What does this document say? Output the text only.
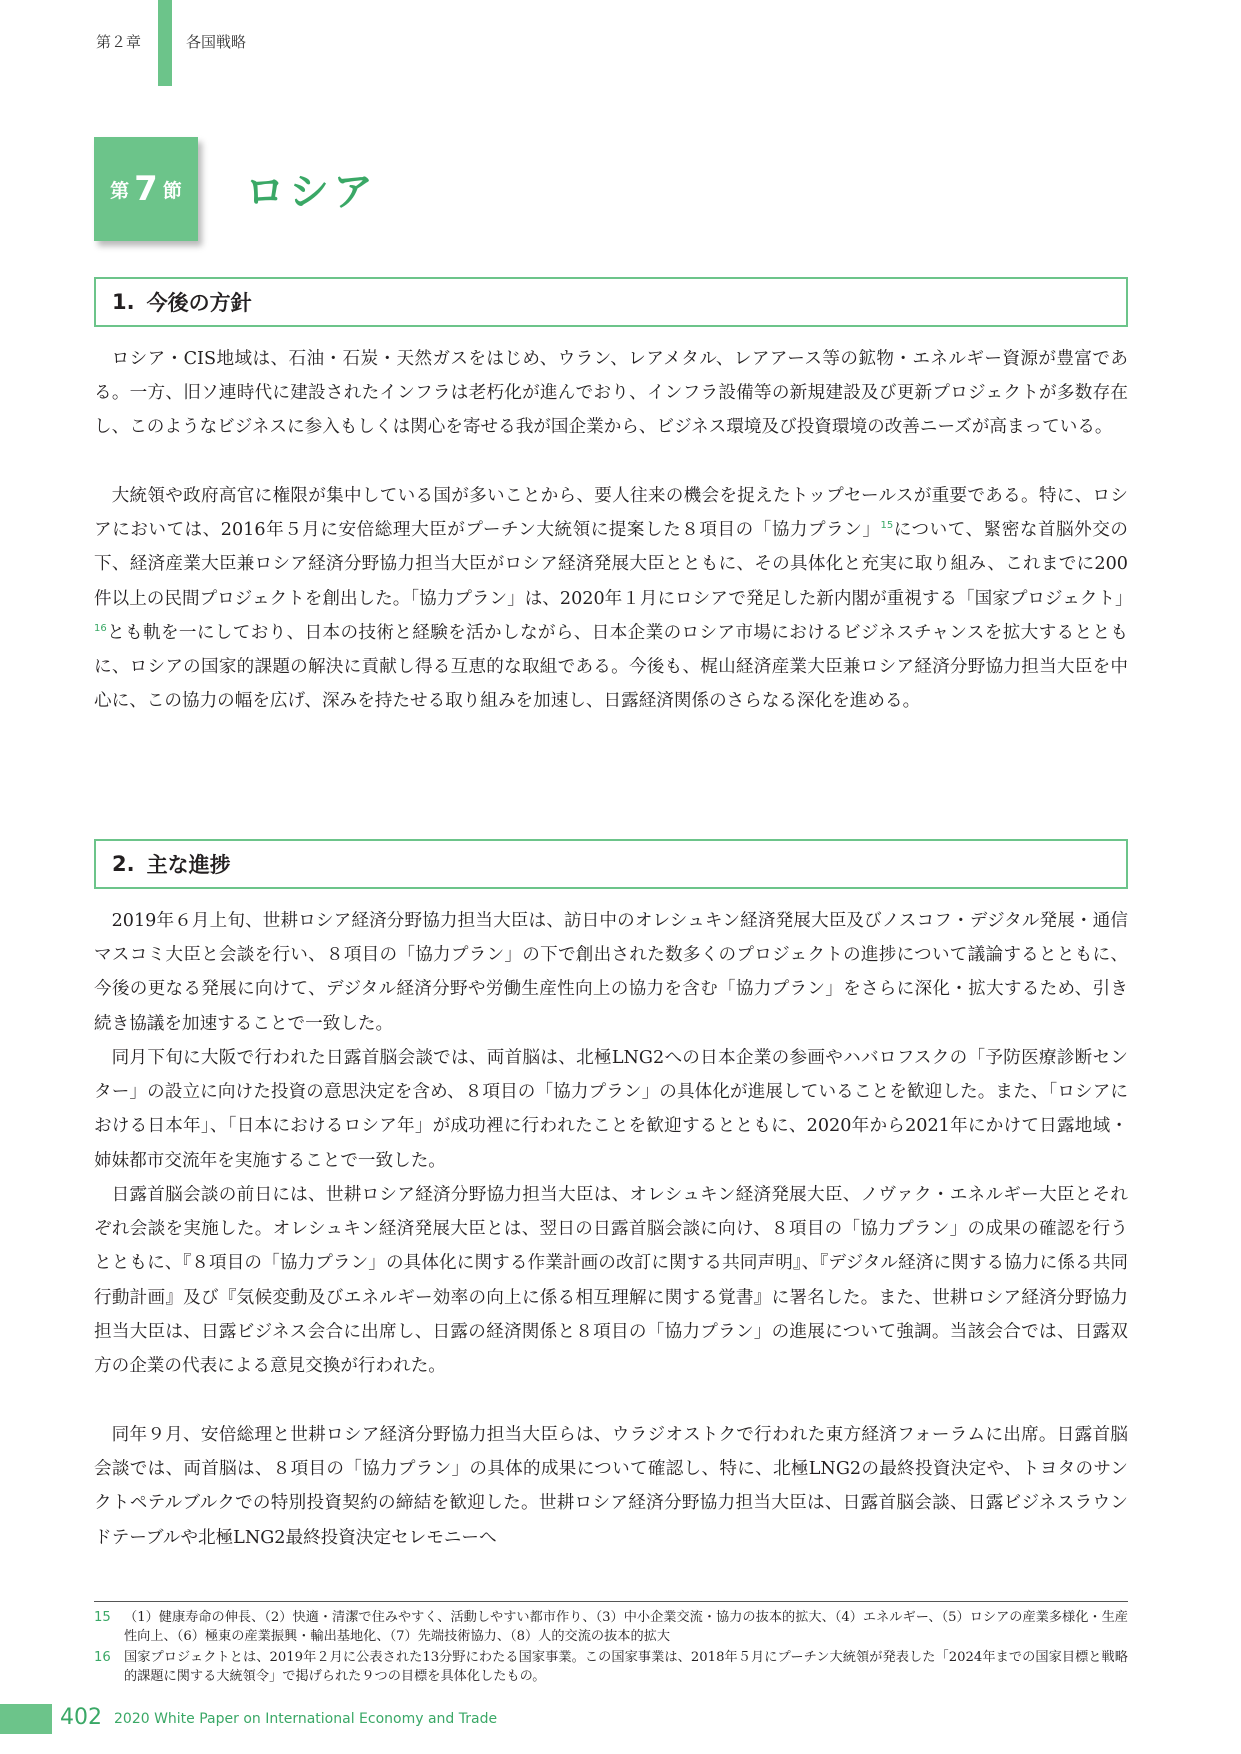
第２章	各国戦略
第 7 節 ロシア
1. 今後の方針

ロシア・CIS地域は、石油・石炭・天然ガスをはじめ、ウラン、レアメタル、レアアース等の鉱物・エネルギー資源が豊富である。一方、旧ソ連時代に建設されたインフラは老朽化が進んでおり、インフラ設備等の新規建設及び更新プロジェクトが多数存在し、このようなビジネスに参入もしくは関心を寄せる我が国企業から、ビジネス環境及び投資環境の改善ニーズが高まっている。

大統領や政府高官に権限が集中している国が多いことから、要人往来の機会を捉えたトップセールスが重要である。特に、ロシアにおいては、2016年５月に安倍総理大臣がプーチン大統領に提案した８項目の「協力プラン」$^{15}$について、緊密な首脳外交の下、経済産業大臣兼ロシア経済分野協力担当大臣がロシア経済発展大臣とともに、その具体化と充実に取り組み、これまでに200件以上の民間プロジェクトを創出した。「協力プラン」は、2020年１月にロシアで発足した新内閣が重視する「国家プロジェクト」$^{16}$とも軌を一にしており、日本の技術と経験を活かしながら、日本企業のロシア市場におけるビジネスチャンスを拡大するとともに、ロシアの国家的課題の解決に貢献し得る互恵的な取組である。今後も、梶山経済産業大臣兼ロシア経済分野協力担当大臣を中心に、この協力の幅を広げ、深みを持たせる取り組みを加速し、日露経済関係のさらなる深化を進める。

2. 主な進捗

2019年６月上旬、世耕ロシア経済分野協力担当大臣は、訪日中のオレシュキン経済発展大臣及びノスコフ・デジタル発展・通信マスコミ大臣と会談を行い、８項目の「協力プラン」の下で創出された数多くのプロジェクトの進捗について議論するとともに、今後の更なる発展に向けて、デジタル経済分野や労働生産性向上の協力を含む「協力プラン」をさらに深化・拡大するため、引き続き協議を加速することで一致した。

同月下旬に大阪で行われた日露首脳会談では、両首脳は、北極LNG2への日本企業の参画やハバロフスクの「予防医療診断センター」の設立に向けた投資の意思決定を含め、８項目の「協力プラン」の具体化が進展していることを歓迎した。また、「ロシアにおける日本年」、「日本におけるロシア年」が成功裡に行われたことを歓迎するとともに、2020年から2021年にかけて日露地域・姉妹都市交流年を実施することで一致した。

日露首脳会談の前日には、世耕ロシア経済分野協力担当大臣は、オレシュキン経済発展大臣、ノヴァク・エネルギー大臣とそれぞれ会談を実施した。オレシュキン経済発展大臣とは、翌日の日露首脳会談に向け、８項目の「協力プラン」の成果の確認を行うとともに、『８項目の「協力プラン」の具体化に関する作業計画の改訂に関する共同声明』、『デジタル経済に関する協力に係る共同行動計画』及び『気候変動及びエネルギー効率の向上に係る相互理解に関する覚書』に署名した。また、世耕ロシア経済分野協力担当大臣は、日露ビジネス会合に出席し、日露の経済関係と８項目の「協力プラン」の進展について強調。当該会合では、日露双方の企業の代表による意見交換が行われた。

同年９月、安倍総理と世耕ロシア経済分野協力担当大臣らは、ウラジオストクで行われた東方経済フォーラムに出席。日露首脳会談では、両首脳は、８項目の「協力プラン」の具体的成果について確認し、特に、北極LNG2の最終投資決定や、トヨタのサンクトペテルブルクでの特別投資契約の締結を歓迎した。世耕ロシア経済分野協力担当大臣は、日露首脳会談、日露ビジネスラウンドテーブルや北極LNG2最終投資決定セレモニーへ

15 （1）健康寿命の伸長、（2）快適・清潔で住みやすく、活動しやすい都市作り、（3）中小企業交流・協力の抜本的拡大、（4）エネルギー、（5）ロシアの産業多様化・生産性向上、（6）極東の産業振興・輸出基地化、（7）先端技術協力、（8）人的交流の抜本的拡大
16 国家プロジェクトとは、2019年２月に公表された13分野にわたる国家事業。この国家事業は、2018年５月にプーチン大統領が発表した「2024年までの国家目標と戦略的課題に関する大統領令」で掲げられた９つの目標を具体化したもの。
402 2020 White Paper on International Economy and Trade
